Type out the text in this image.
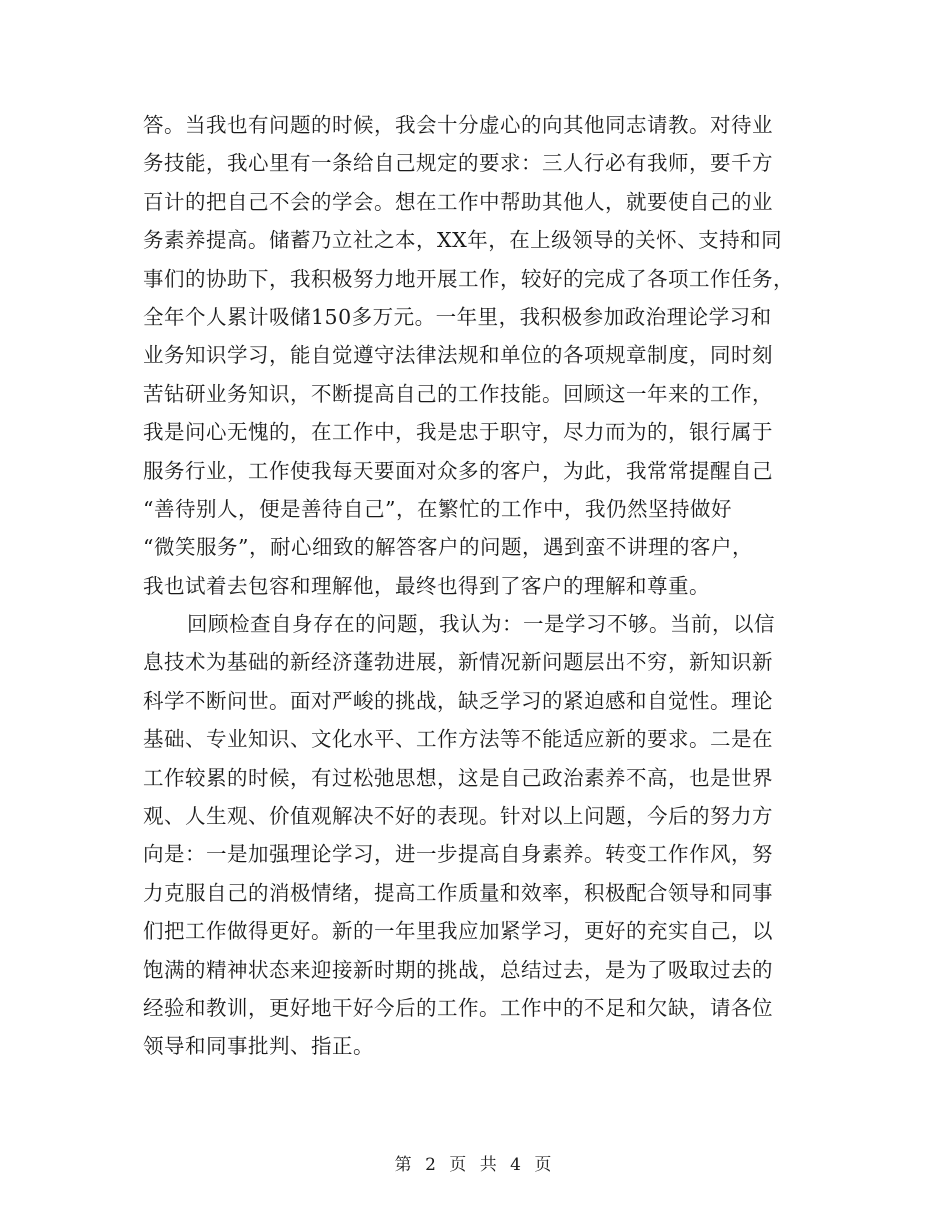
答。当我也有问题的时候，我会十分虚心的向其他同志请教。对待业
务技能，我心里有一条给自己规定的要求：三人行必有我师，要千方
百计的把自己不会的学会。想在工作中帮助其他人，就要使自己的业
务素养提高。储蓄乃立社之本，XX年，在上级领导的关怀、支持和同
事们的协助下，我积极努力地开展工作，较好的完成了各项工作任务，
全年个人累计吸储150多万元。一年里，我积极参加政治理论学习和
业务知识学习，能自觉遵守法律法规和单位的各项规章制度，同时刻
苦钻研业务知识，不断提高自己的工作技能。回顾这一年来的工作，
我是问心无愧的，在工作中，我是忠于职守，尽力而为的，银行属于
服务行业，工作使我每天要面对众多的客户，为此，我常常提醒自己
“善待别人，便是善待自己”，在繁忙的工作中，我仍然坚持做好
“微笑服务”，耐心细致的解答客户的问题，遇到蛮不讲理的客户，
我也试着去包容和理解他，最终也得到了客户的理解和尊重。
回顾检查自身存在的问题，我认为：一是学习不够。当前，以信
息技术为基础的新经济蓬勃进展，新情况新问题层出不穷，新知识新
科学不断问世。面对严峻的挑战，缺乏学习的紧迫感和自觉性。理论
基础、专业知识、文化水平、工作方法等不能适应新的要求。二是在
工作较累的时候，有过松弛思想，这是自己政治素养不高，也是世界
观、人生观、价值观解决不好的表现。针对以上问题，今后的努力方
向是：一是加强理论学习，进一步提高自身素养。转变工作作风，努
力克服自己的消极情绪，提高工作质量和效率，积极配合领导和同事
们把工作做得更好。新的一年里我应加紧学习，更好的充实自己，以
饱满的精神状态来迎接新时期的挑战，总结过去，是为了吸取过去的
经验和教训，更好地干好今后的工作。工作中的不足和欠缺，请各位
领导和同事批判、指正。
第 2 页 共 4 页
